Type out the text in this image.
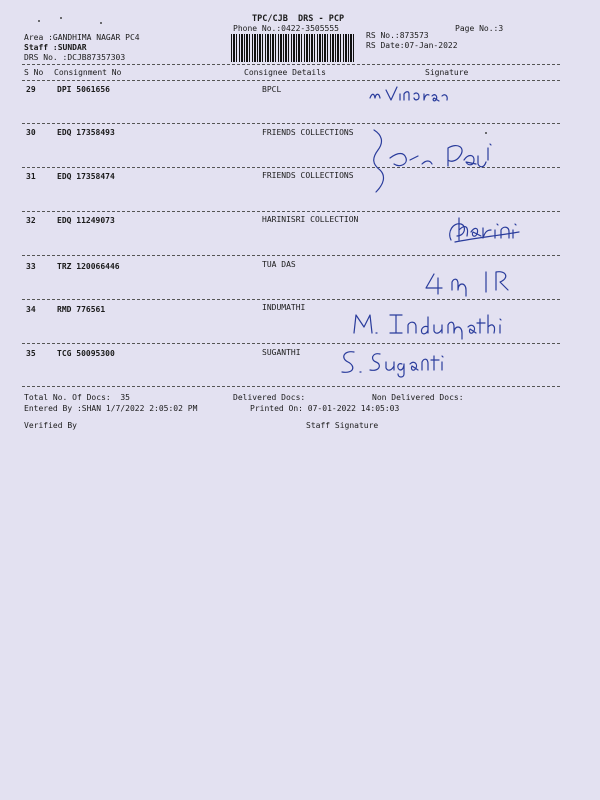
TPC/CJB  DRS - PCP
Phone No.:0422-3505555	Page No.:3
Area :GANDHIMA NAGAR PC4
Staff :SUNDAR
DRS No. :DCJB87357303
RS No.:873573
RS Date:07-Jan-2022
S No Consignment No	Consignee Details	Signature
29	DPI 5061656	BPCL
30	EDQ 17358493	FRIENDS COLLECTIONS
31	EDQ 17358474	FRIENDS COLLECTIONS
32	EDQ 11249073	HARINISRI COLLECTION
33	TRZ 120066446	TUA DAS
34	RMD 776561	INDUMATHI
35	TCG 50095300	SUGANTHI
Total No. Of Docs:  35	Delivered Docs:	Non Delivered Docs:
Entered By :SHAN 1/7/2022 2:05:02 PM	Printed On: 07-01-2022 14:05:03
Verified By	Staff Signature
